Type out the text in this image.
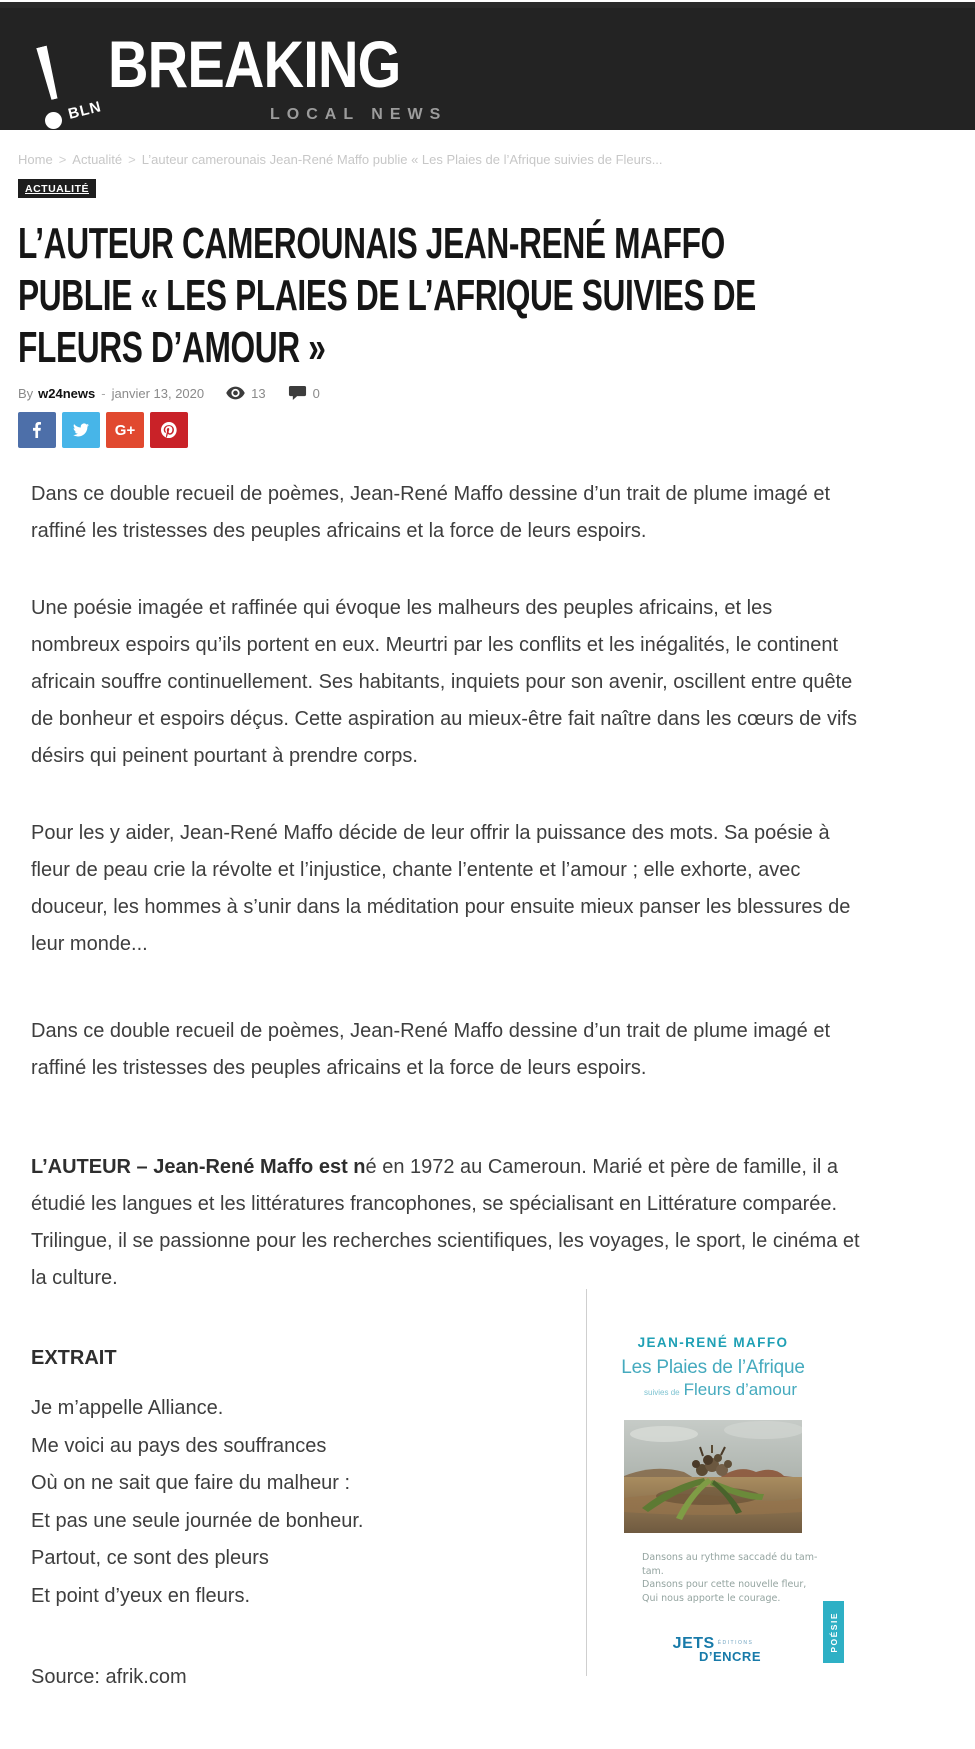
BLN
BREAKING
LOCAL NEWS
Home > Actualité > L’auteur camerounais Jean-René Maffo publie « Les Plaies de l’Afrique suivies de Fleurs...
ACTUALITÉ
L’AUTEUR CAMEROUNAIS JEAN-RENÉ MAFFO
PUBLIE « LES PLAIES DE L’AFRIQUE SUIVIES DE
FLEURS D’AMOUR »
By w24news - janvier 13, 2020	13	0
G+

Dans ce double recueil de poèmes, Jean-René Maffo dessine d’un trait de plume imagé et raffiné les tristesses des peuples africains et la force de leurs espoirs.

Une poésie imagée et raffinée qui évoque les malheurs des peuples africains, et les nombreux espoirs qu’ils portent en eux. Meurtri par les conflits et les inégalités, le continent africain souffre continuellement. Ses habitants, inquiets pour son avenir, oscillent entre quête de bonheur et espoirs déçus. Cette aspiration au mieux-être fait naître dans les cœurs de vifs désirs qui peinent pourtant à prendre corps.

Pour les y aider, Jean-René Maffo décide de leur offrir la puissance des mots. Sa poésie à fleur de peau crie la révolte et l’injustice, chante l’entente et l’amour ; elle exhorte, avec douceur, les hommes à s’unir dans la méditation pour ensuite mieux panser les blessures de leur monde...

Dans ce double recueil de poèmes, Jean-René Maffo dessine d’un trait de plume imagé et raffiné les tristesses des peuples africains et la force de leurs espoirs.

JEAN-RENÉ MAFFO
Les Plaies de l’Afrique
suivies de Fleurs d’amour
Dansons au rythme saccadé du tam-tam.
Dansons pour cette nouvelle fleur,
Qui nous apporte le courage.
JETS $^{ÉDITIONS}$
D’ENCRE
POÉSIE

L’AUTEUR – Jean-René Maffo est né en 1972 au Cameroun. Marié et père de famille, il a étudié les langues et les littératures francophones, se spécialisant en Littérature comparée. Trilingue, il se passionne pour les recherches scientifiques, les voyages, le sport, le cinéma et la culture.

EXTRAIT

Je m’appelle Alliance.

Me voici au pays des souffrances

Où on ne sait que faire du malheur :

Et pas une seule journée de bonheur.

Partout, ce sont des pleurs

Et point d’yeux en fleurs.

Source: afrik.com
